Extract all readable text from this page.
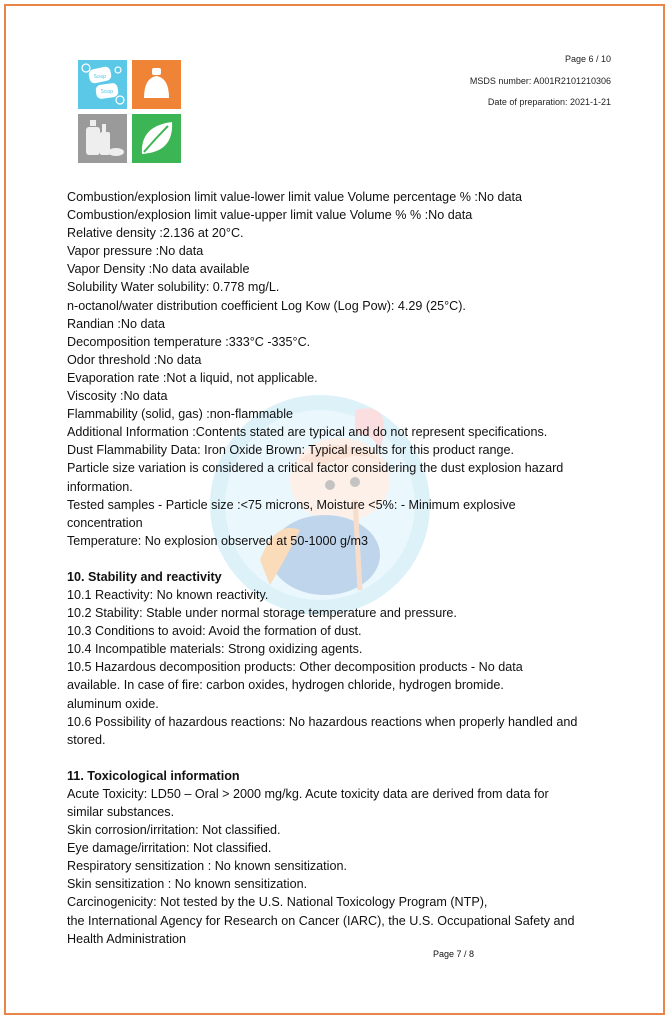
Soap
Soap
Page 6 / 10
MSDS number: A001R2101210306
Date of preparation: 2021-1-21
Combustion/explosion limit value-lower limit value Volume percentage % :No data
Combustion/explosion limit value-upper limit value Volume % % :No data
Relative density :2.136 at 20°C.
Vapor pressure :No data
Vapor Density :No data available
Solubility Water solubility: 0.778 mg/L.
n-octanol/water distribution coefficient Log Kow (Log Pow): 4.29 (25°C).
Randian :No data
Decomposition temperature :333°C -335°C.
Odor threshold :No data
Evaporation rate :Not a liquid, not applicable.
Viscosity :No data
Flammability (solid, gas) :non-flammable
Additional Information :Contents stated are typical and do not represent specifications.
Dust Flammability Data: Iron Oxide Brown: Typical results for this product range.
Particle size variation is considered a critical factor considering the dust explosion hazard
information.
Tested samples - Particle size :<75 microns, Moisture <5%: - Minimum explosive
concentration
Temperature: No explosion observed at 50-1000 g/m3
10. Stability and reactivity
10.1 Reactivity: No known reactivity.
10.2 Stability: Stable under normal storage temperature and pressure.
10.3 Conditions to avoid: Avoid the formation of dust.
10.4 Incompatible materials: Strong oxidizing agents.
10.5 Hazardous decomposition products: Other decomposition products - No data
available. In case of fire: carbon oxides, hydrogen chloride, hydrogen bromide.
aluminum oxide.
10.6 Possibility of hazardous reactions: No hazardous reactions when properly handled and
stored.
11. Toxicological information
Acute Toxicity: LD50 – Oral > 2000 mg/kg. Acute toxicity data are derived from data for
similar substances.
Skin corrosion/irritation: Not classified.
Eye damage/irritation: Not classified.
Respiratory sensitization : No known sensitization.
Skin sensitization : No known sensitization.
Carcinogenicity: Not tested by the U.S. National Toxicology Program (NTP),
the International Agency for Research on Cancer (IARC), the U.S. Occupational Safety and
Health Administration
Page 7 / 8
